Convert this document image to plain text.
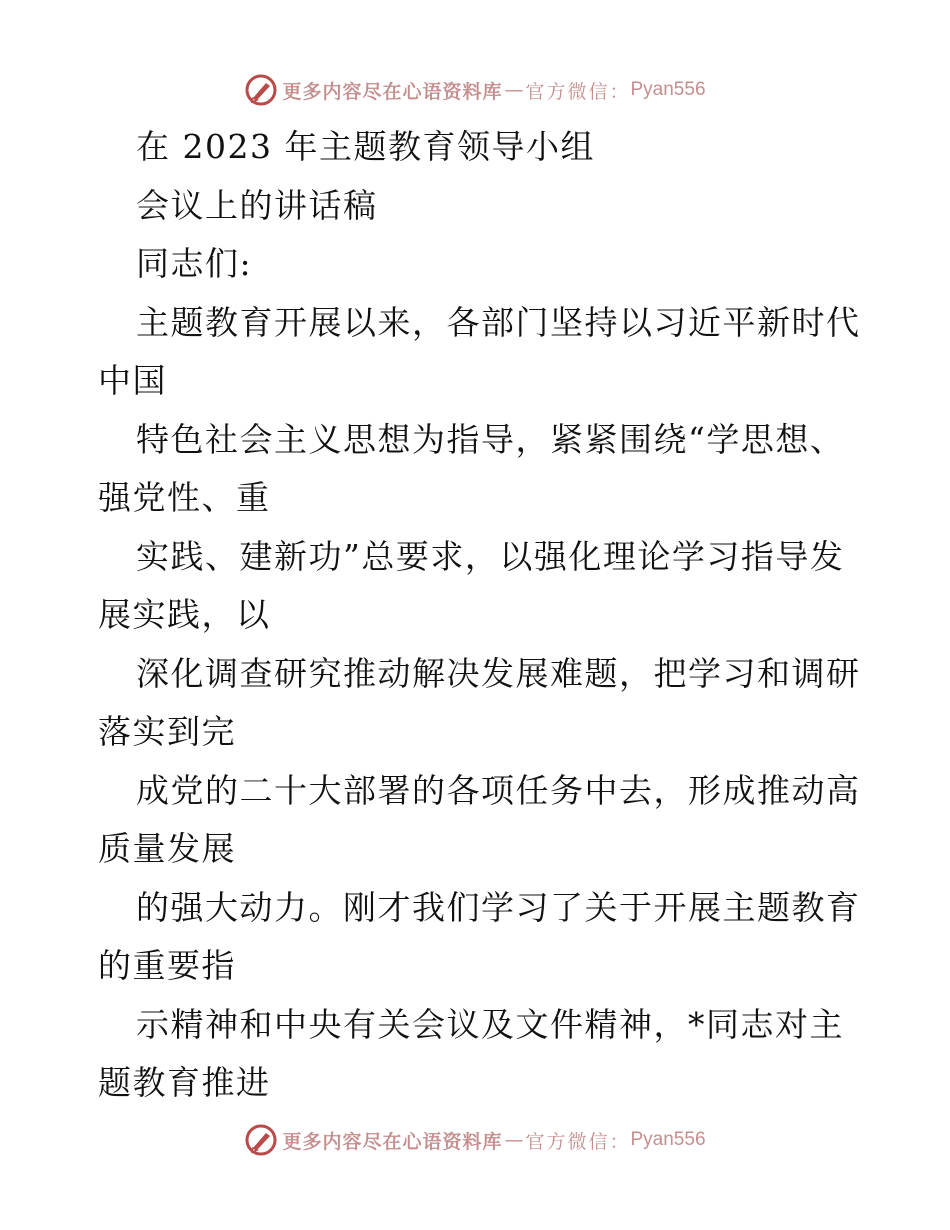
更多内容尽在心语资料库 — 官方微信： Pyan556
在 2023 年主题教育领导小组
会议上的讲话稿
同志们:
主题教育开展以来，各部门坚持以习近平新时代
中国
特色社会主义思想为指导，紧紧围绕“学思想、
强党性、重
实践、建新功”总要求，以强化理论学习指导发
展实践，以
深化调查研究推动解决发展难题，把学习和调研
落实到完
成党的二十大部署的各项任务中去，形成推动高
质量发展
的强大动力。刚才我们学习了关于开展主题教育
的重要指
示精神和中央有关会议及文件精神，*同志对主
题教育推进
更多内容尽在心语资料库 — 官方微信： Pyan556
